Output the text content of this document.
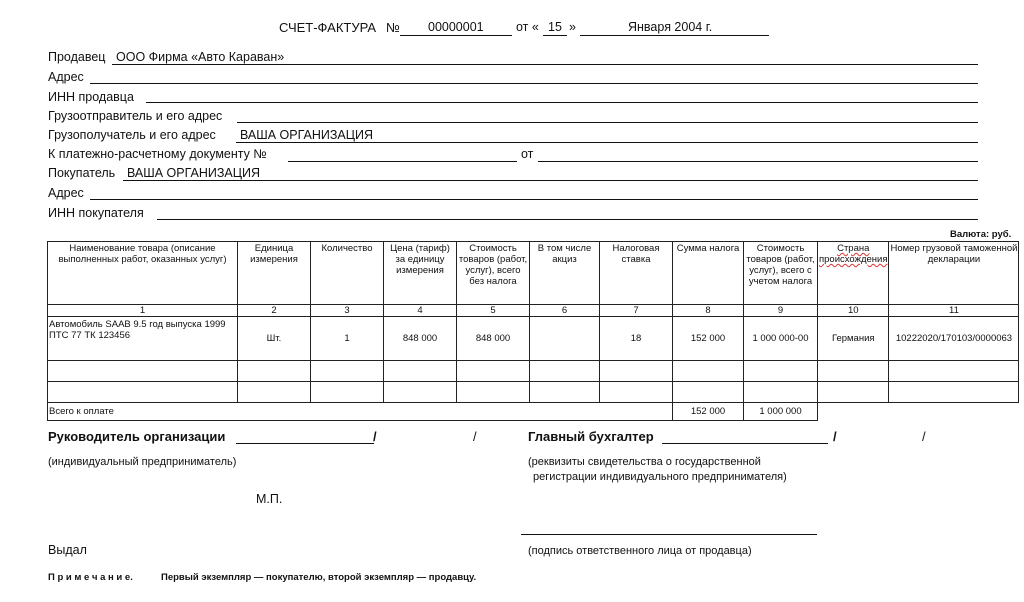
СЧЕТ-ФАКТУРА № 00000001	от « 15 »	Января 2004 г.
Продавец ООО Фирма «Авто Караван»
Адрес
ИНН продавца
Грузоотправитель и его адрес
Грузополучатель и его адрес ВАША ОРГАНИЗАЦИЯ
К платежно-расчетному документу №	от
Покупатель ВАША ОРГАНИЗАЦИЯ
Адрес
ИНН покупателя
Валюта: руб.
Наименование товара (описание выполненных работ, оказанных услуг)	Единица измерения	Количество	Цена (тариф) за единицу измерения	Стоимость товаров (работ, услуг), всего без налога	В том числе акциз	Налоговая ставка	Сумма налога	Стоимость товаров (работ, услуг), всего с учетом налога	Страна происхождения	Номер грузовой таможенной декларации
1	2	3	4	5	6	7	8	9	10	11
Автомобиль SAAB 9.5 год выпуска 1999 ПТС 77 ТК 123456	Шт.	1	848 000	848 000		18	152 000	1 000 000-00	Германия	10222020/170103/0000063

Всего к оплате							152 000	1 000 000		
Руководитель организации	/	/
(индивидуальный предприниматель)
Главный бухгалтер	/	/
(реквизиты свидетельства о государственной
регистрации индивидуального предпринимателя)
М.П.
Выдал	(подпись ответственного лица от продавца)
П р и м е ч а н и е.	Первый экземпляр — покупателю, второй экземпляр — продавцу.
